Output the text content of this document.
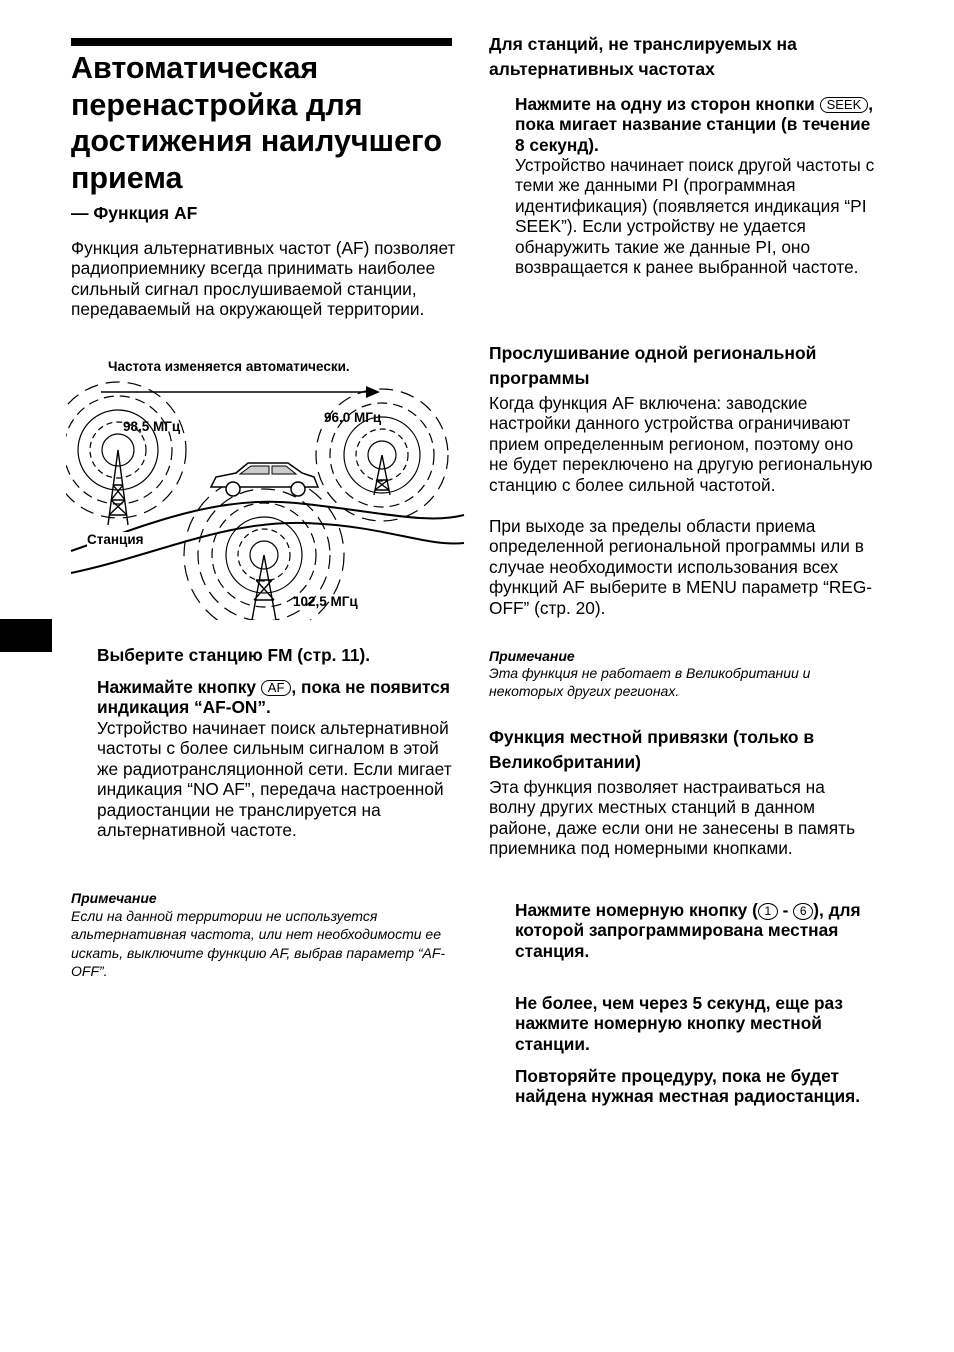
Автоматическая перенастройка для достижения наилучшего приема
— Функция AF
Функция альтернативных частот (AF) позволяет радиоприемнику всегда принимать наиболее сильный сигнал прослушиваемой станции, передаваемый на окружающей территории.
Частота изменяется автоматически.
98,5 МГц
96,0 МГц
102,5 МГц
Станция
Выберите станцию FM (стр. 11).
Нажимайте кнопку AF , пока не появится индикация “AF-ON”.
Устройство начинает поиск альтернативной частоты с более сильным сигналом в этой же радиотрансляционной сети. Если мигает индикация “NO AF”, передача настроенной радиостанции не транслируется на альтернативной частоте.
Примечание
Если на данной территории не используется альтернативная частота, или нет необходимости ее искать, выключите функцию AF, выбрав параметр “AF-OFF”.
Для станций, не транслируемых на альтернативных частотах
Нажмите на одну из сторон кнопки SEEK , пока мигает название станции (в течение 8 секунд).
Устройство начинает поиск другой частоты с теми же данными PI (программная идентификация) (появляется индикация “PI SEEK”). Если устройству не удается обнаружить такие же данные PI, оно возвращается к ранее выбранной частоте.
Прослушивание одной региональной программы
Когда функция AF включена: заводские настройки данного устройства ограничивают прием определенным регионом, поэтому оно не будет переключено на другую региональную станцию с более сильной частотой.
При выходе за пределы области приема определенной региональной программы или в случае необходимости использования всех функций AF выберите в MENU параметр “REG-OFF” (стр. 20).
Примечание
Эта функция не работает в Великобритании и некоторых других регионах.
Функция местной привязки (только в Великобритании)
Эта функция позволяет настраиваться на волну других местных станций в данном районе, даже если они не занесены в память приемника под номерными кнопками.
Нажмите номерную кнопку ( 1 - 6 ), для которой запрограммирована местная станция.
Не более, чем через 5 секунд, еще раз нажмите номерную кнопку местной станции.
Повторяйте процедуру, пока не будет найдена нужная местная радиостанция.
